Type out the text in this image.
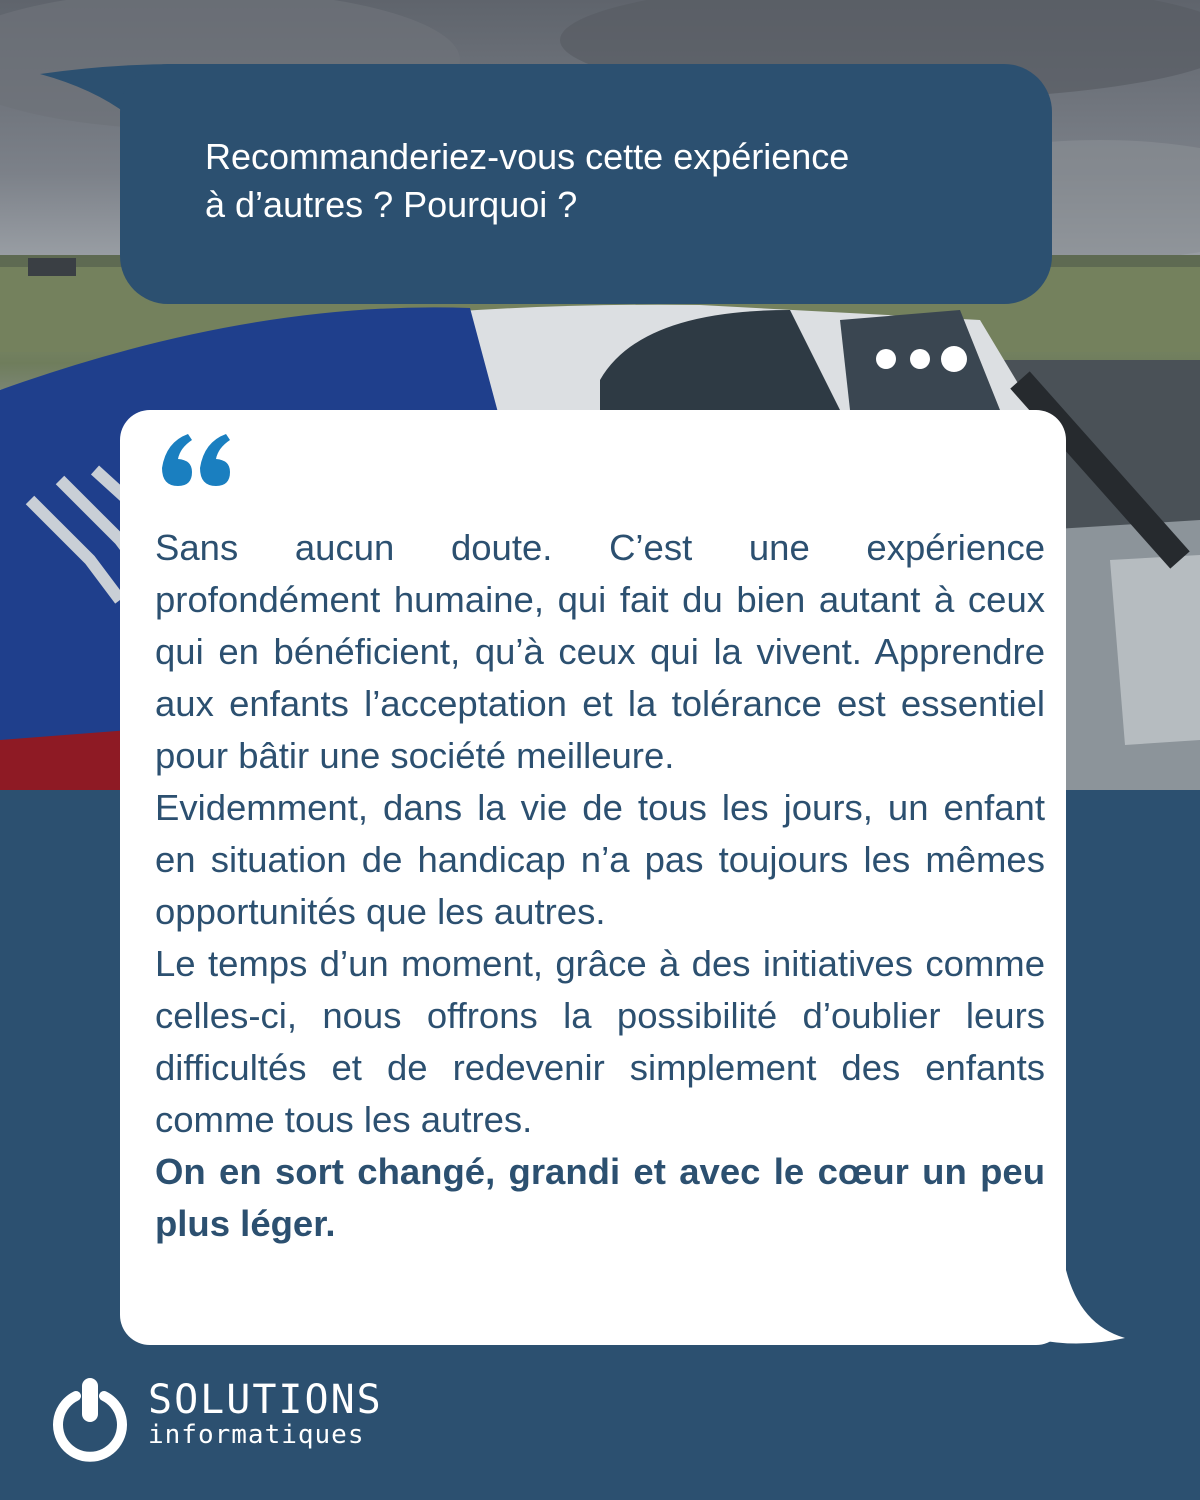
Recommanderiez-vous cette expérience
à d’autres ? Pourquoi ?

Sans aucun doute. C’est une expérience profondément humaine, qui fait du bien autant à ceux qui en bénéficient, qu’à ceux qui la vivent. Apprendre aux enfants l’acceptation et la tolérance est essentiel pour bâtir une société meilleure.

Evidemment, dans la vie de tous les jours, un enfant en situation de handicap n’a pas toujours les mêmes opportunités que les autres.

Le temps d’un moment, grâce à des initiatives comme celles-ci, nous offrons la possibilité d’oublier leurs difficultés et de redevenir simplement des enfants comme tous les autres.

On en sort changé, grandi et avec le cœur un peu plus léger.

SOLUTIONS
informatiques
